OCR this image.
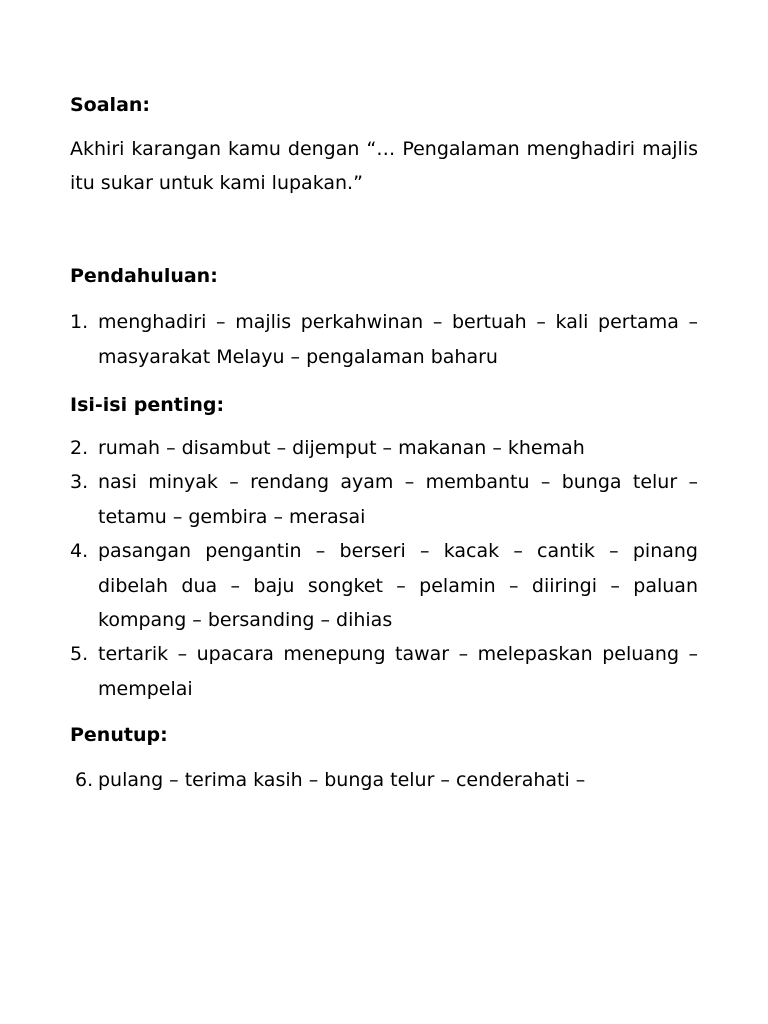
Soalan:
Akhiri karangan kamu dengan “… Pengalaman menghadiri majlis itu sukar untuk kami lupakan.”
Pendahuluan:
1. menghadiri – majlis perkahwinan – bertuah – kali pertama – masyarakat Melayu – pengalaman baharu
Isi-isi penting:
2. rumah – disambut – dijemput – makanan – khemah
3. nasi minyak – rendang ayam – membantu – bunga telur – tetamu – gembira – merasai
4. pasangan pengantin – berseri – kacak – cantik – pinang dibelah dua – baju songket – pelamin – diiringi – paluan kompang – bersanding – dihias
5. tertarik – upacara menepung tawar – melepaskan peluang – mempelai
Penutup:
6. pulang – terima kasih – bunga telur – cenderahati –
